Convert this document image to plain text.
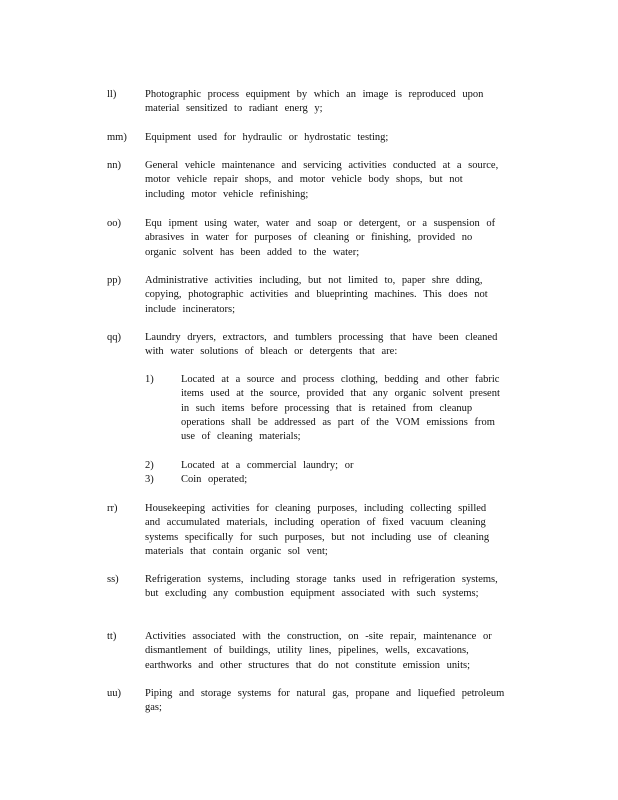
ll)	Photographic process equipment by which an image is reproduced upon material sensitized to radiant energ y;
mm) Equipment used for hydraulic or hydrostatic testing;
nn) General vehicle maintenance and servicing activities conducted at a source, motor vehicle repair shops, and motor vehicle body shops, but not including motor vehicle refinishing;
oo) Equ ipment using water, water and soap or detergent, or a suspension of abrasives in water for purposes of cleaning or finishing, provided no organic solvent has been added to the water;
pp) Administrative activities including, but not limited to, paper shre dding, copying, photographic activities and blueprinting machines. This does not include incinerators;
qq) Laundry dryers, extractors, and tumblers processing that have been cleaned with water solutions of bleach or detergents that are:
1)	Located at a source and process clothing, bedding and other fabric items used at the source, provided that any organic solvent present in such items before processing that is retained from cleanup operations shall be addressed as part of the VOM emissions from use of cleaning materials;
2)	Located at a commercial laundry; or
3)	Coin operated;
rr)	Housekeeping activities for cleaning purposes, including collecting spilled and accumulated materials, including operation of fixed vacuum cleaning systems specifically for such purposes, but not including use of cleaning materials that contain organic sol vent;
ss)	Refrigeration systems, including storage tanks used in refrigeration systems, but excluding any combustion equipment associated with such systems;
tt)	Activities associated with the construction, on -site repair, maintenance or dismantlement of buildings, utility lines, pipelines, wells, excavations, earthworks and other structures that do not constitute emission units;
uu) Piping and storage systems for natural gas, propane and liquefied petroleum gas;
